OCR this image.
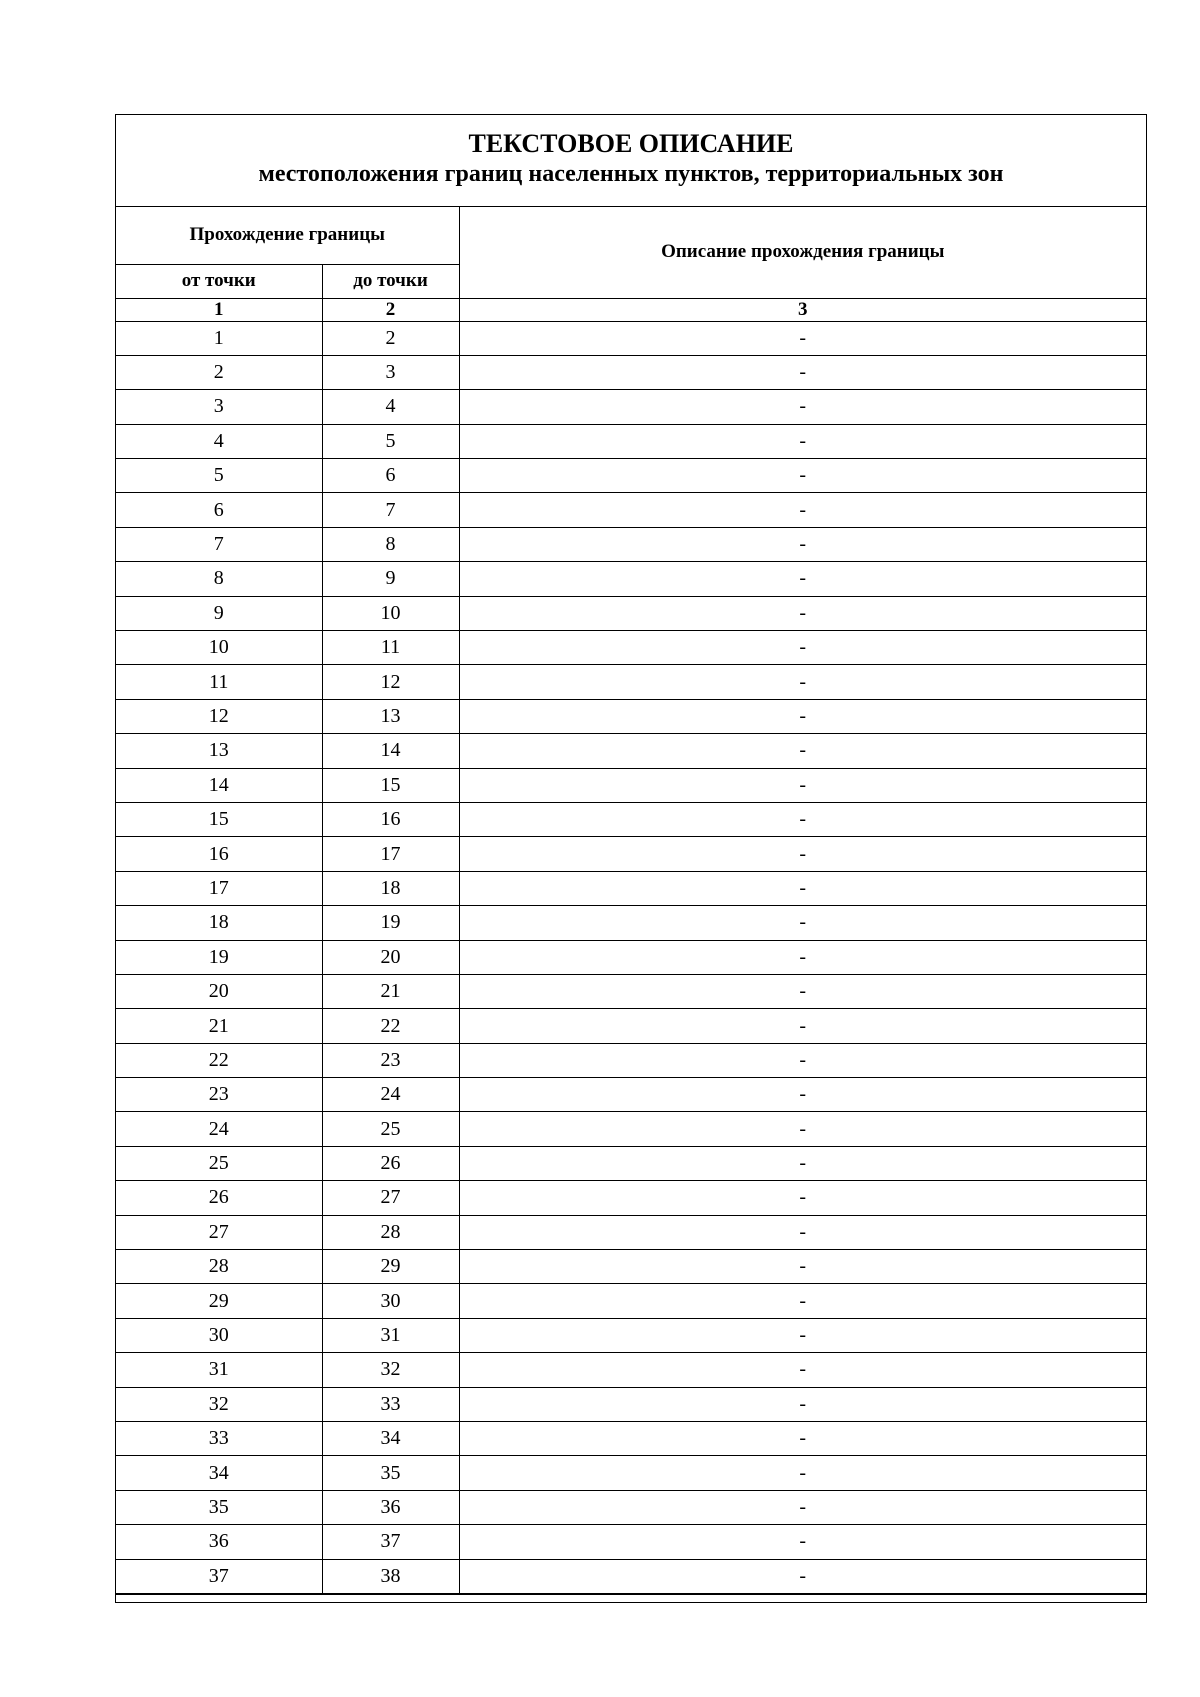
ТЕКСТОВОЕ ОПИСАНИЕ
местоположения границ населенных пунктов, территориальных зон
Прохождение границы		Описание прохождения границы
от точки	до точки	
1	2	3
1	2	-
2	3	-
3	4	-
4	5	-
5	6	-
6	7	-
7	8	-
8	9	-
9	10	-
10	11	-
11	12	-
12	13	-
13	14	-
14	15	-
15	16	-
16	17	-
17	18	-
18	19	-
19	20	-
20	21	-
21	22	-
22	23	-
23	24	-
24	25	-
25	26	-
26	27	-
27	28	-
28	29	-
29	30	-
30	31	-
31	32	-
32	33	-
33	34	-
34	35	-
35	36	-
36	37	-
37	38	-
